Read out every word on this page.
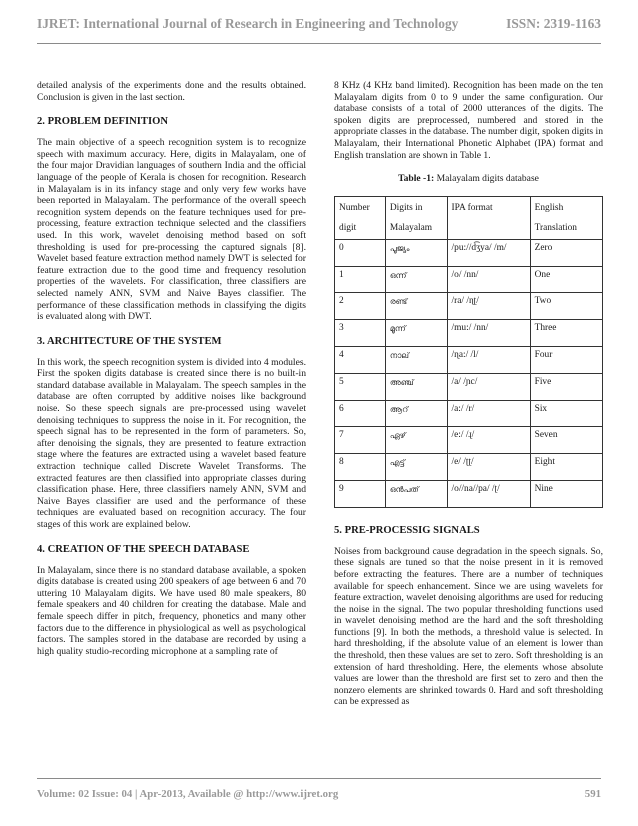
IJRET: International Journal of Research in Engineering and Technology	ISSN: 2319-1163

detailed analysis of the experiments done and the results obtained. Conclusion is given in the last section.

2. PROBLEM DEFINITION

The main objective of a speech recognition system is to recognize speech with maximum accuracy. Here, digits in Malayalam, one of the four major Dravidian languages of southern India and the official language of the people of Kerala is chosen for recognition. Research in Malayalam is in its infancy stage and only very few works have been reported in Malayalam. The performance of the overall speech recognition system depends on the feature techniques used for pre-processing, feature extraction technique selected and the classifiers used. In this work, wavelet denoising method based on soft thresholding is used for pre-processing the captured signals [8]. Wavelet based feature extraction method namely DWT is selected for feature extraction due to the good time and frequency resolution properties of the wavelets. For classification, three classifiers are selected namely ANN, SVM and Naive Bayes classifier. The performance of these classification methods in classifying the digits is evaluated along with DWT.

3. ARCHITECTURE OF THE SYSTEM

In this work, the speech recognition system is divided into 4 modules. First the spoken digits database is created since there is no built-in standard database available in Malayalam. The speech samples in the database are often corrupted by additive noises like background noise. So these speech signals are pre-processed using wavelet denoising techniques to suppress the noise in it. For recognition, the speech signal has to be represented in the form of parameters. So, after denoising the signals, they are presented to feature extraction stage where the features are extracted using a wavelet based feature extraction technique called Discrete Wavelet Transforms. The extracted features are then classified into appropriate classes during classification phase. Here, three classifiers namely ANN, SVM and Naive Bayes classifier are used and the performance of these techniques are evaluated based on recognition accuracy. The four stages of this work are explained below.

4. CREATION OF THE SPEECH DATABASE

In Malayalam, since there is no standard database available, a spoken digits database is created using 200 speakers of age between 6 and 70 uttering 10 Malayalam digits. We have used 80 male speakers, 80 female speakers and 40 children for creating the database. Male and female speech differ in pitch, frequency, phonetics and many other factors due to the difference in physiological as well as psychological factors. The samples stored in the database are recorded by using a high quality studio-recording microphone at a sampling rate of

8 KHz (4 KHz band limited). Recognition has been made on the ten Malayalam digits from 0 to 9 under the same configuration. Our database consists of a total of 2000 utterances of the digits. The spoken digits are preprocessed, numbered and stored in the appropriate classes in the database. The number digit, spoken digits in Malayalam, their International Phonetic Alphabet (IPA) format and English translation are shown in Table 1.

Table -1: Malayalam digits database
Number digit	Digits in Malayalam	IPA format	English Translation
0	പൂജ്യം	/pu://d͡ʒya/ /m/	Zero
1	ഒന്ന്	/o/ /nn/	One
2	രണ്ട്	/ra/ /ɳʈ/	Two
3	മൂന്ന്	/mu:/ /nn/	Three
4	നാല്	/ɳa:/ /l/	Four
5	അഞ്ച്	/a/ /ɲc/	Five
6	ആറ്	/a:/ /r/	Six
7	ഏഴ്	/e:/ /ɻ/	Seven
8	എട്ട്	/e/ /ʈʈ/	Eight
9	ഒൻപത്	/o//na//pa/ /ʈ/	Nine
5. PRE-PROCESSIG SIGNALS

Noises from background cause degradation in the speech signals. So, these signals are tuned so that the noise present in it is removed before extracting the features. There are a number of techniques available for speech enhancement. Since we are using wavelets for feature extraction, wavelet denoising algorithms are used for reducing the noise in the signal. The two popular thresholding functions used in wavelet denoising method are the hard and the soft thresholding functions [9]. In both the methods, a threshold value is selected. In hard thresholding, if the absolute value of an element is lower than the threshold, then these values are set to zero. Soft thresholding is an extension of hard thresholding. Here, the elements whose absolute values are lower than the threshold are first set to zero and then the nonzero elements are shrinked towards 0. Hard and soft thresholding can be expressed as

Volume: 02 Issue: 04 | Apr-2013, Available @ http://www.ijret.org	591
